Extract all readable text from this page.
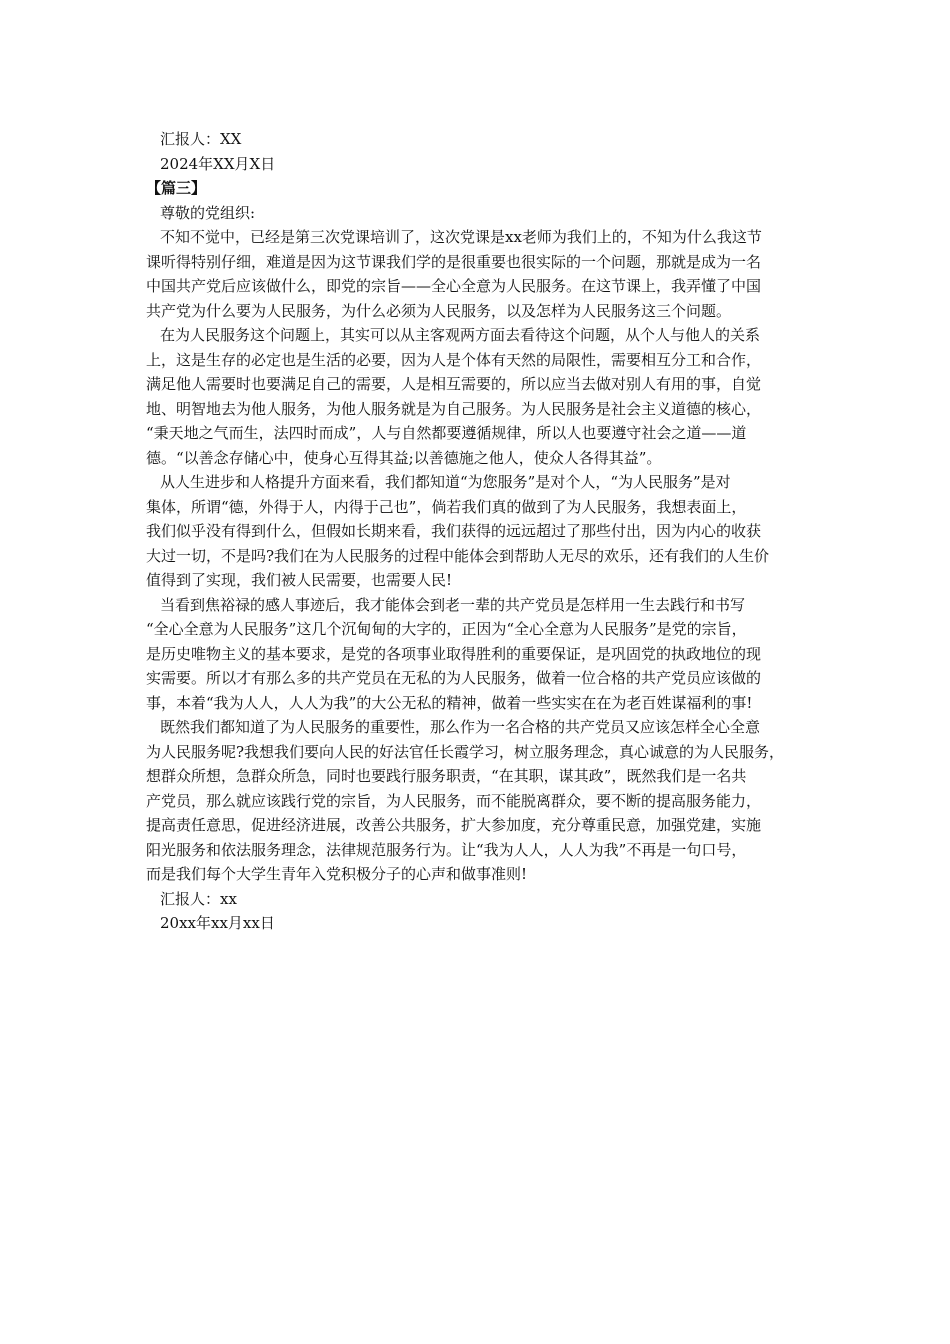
汇报人：XX

2024年XX月X日

【篇三】

尊敬的党组织:

不知不觉中，已经是第三次党课培训了，这次党课是xx老师为我们上的，不知为什么我这节

课听得特别仔细，难道是因为这节课我们学的是很重要也很实际的一个问题，那就是成为一名

中国共产党后应该做什么，即党的宗旨——全心全意为人民服务。在这节课上，我弄懂了中国

共产党为什么要为人民服务，为什么必须为人民服务，以及怎样为人民服务这三个问题。

在为人民服务这个问题上，其实可以从主客观两方面去看待这个问题，从个人与他人的关系

上，这是生存的必定也是生活的必要，因为人是个体有天然的局限性，需要相互分工和合作，

满足他人需要时也要满足自己的需要，人是相互需要的，所以应当去做对别人有用的事，自觉

地、明智地去为他人服务，为他人服务就是为自己服务。为人民服务是社会主义道德的核心，

“秉天地之气而生，法四时而成”，人与自然都要遵循规律，所以人也要遵守社会之道——道

德。“以善念存储心中，使身心互得其益;以善德施之他人，使众人各得其益”。

从人生进步和人格提升方面来看，我们都知道“为您服务”是对个人，“为人民服务”是对

集体，所谓“德，外得于人，内得于己也”，倘若我们真的做到了为人民服务，我想表面上，

我们似乎没有得到什么，但假如长期来看，我们获得的远远超过了那些付出，因为内心的收获

大过一切，不是吗?我们在为人民服务的过程中能体会到帮助人无尽的欢乐，还有我们的人生价

值得到了实现，我们被人民需要，也需要人民!

当看到焦裕禄的感人事迹后，我才能体会到老一辈的共产党员是怎样用一生去践行和书写

“全心全意为人民服务”这几个沉甸甸的大字的，正因为“全心全意为人民服务”是党的宗旨，

是历史唯物主义的基本要求，是党的各项事业取得胜利的重要保证，是巩固党的执政地位的现

实需要。所以才有那么多的共产党员在无私的为人民服务，做着一位合格的共产党员应该做的

事，本着“我为人人，人人为我”的大公无私的精神，做着一些实实在在为老百姓谋福利的事!

既然我们都知道了为人民服务的重要性，那么作为一名合格的共产党员又应该怎样全心全意

为人民服务呢?我想我们要向人民的好法官任长霞学习，树立服务理念，真心诚意的为人民服务，

想群众所想，急群众所急，同时也要践行服务职责，“在其职，谋其政”，既然我们是一名共

产党员，那么就应该践行党的宗旨，为人民服务，而不能脱离群众，要不断的提高服务能力，

提高责任意思，促进经济进展，改善公共服务，扩大参加度，充分尊重民意，加强党建，实施

阳光服务和依法服务理念，法律规范服务行为。让“我为人人，人人为我”不再是一句口号，

而是我们每个大学生青年入党积极分子的心声和做事准则!

汇报人：xx

20xx年xx月xx日
